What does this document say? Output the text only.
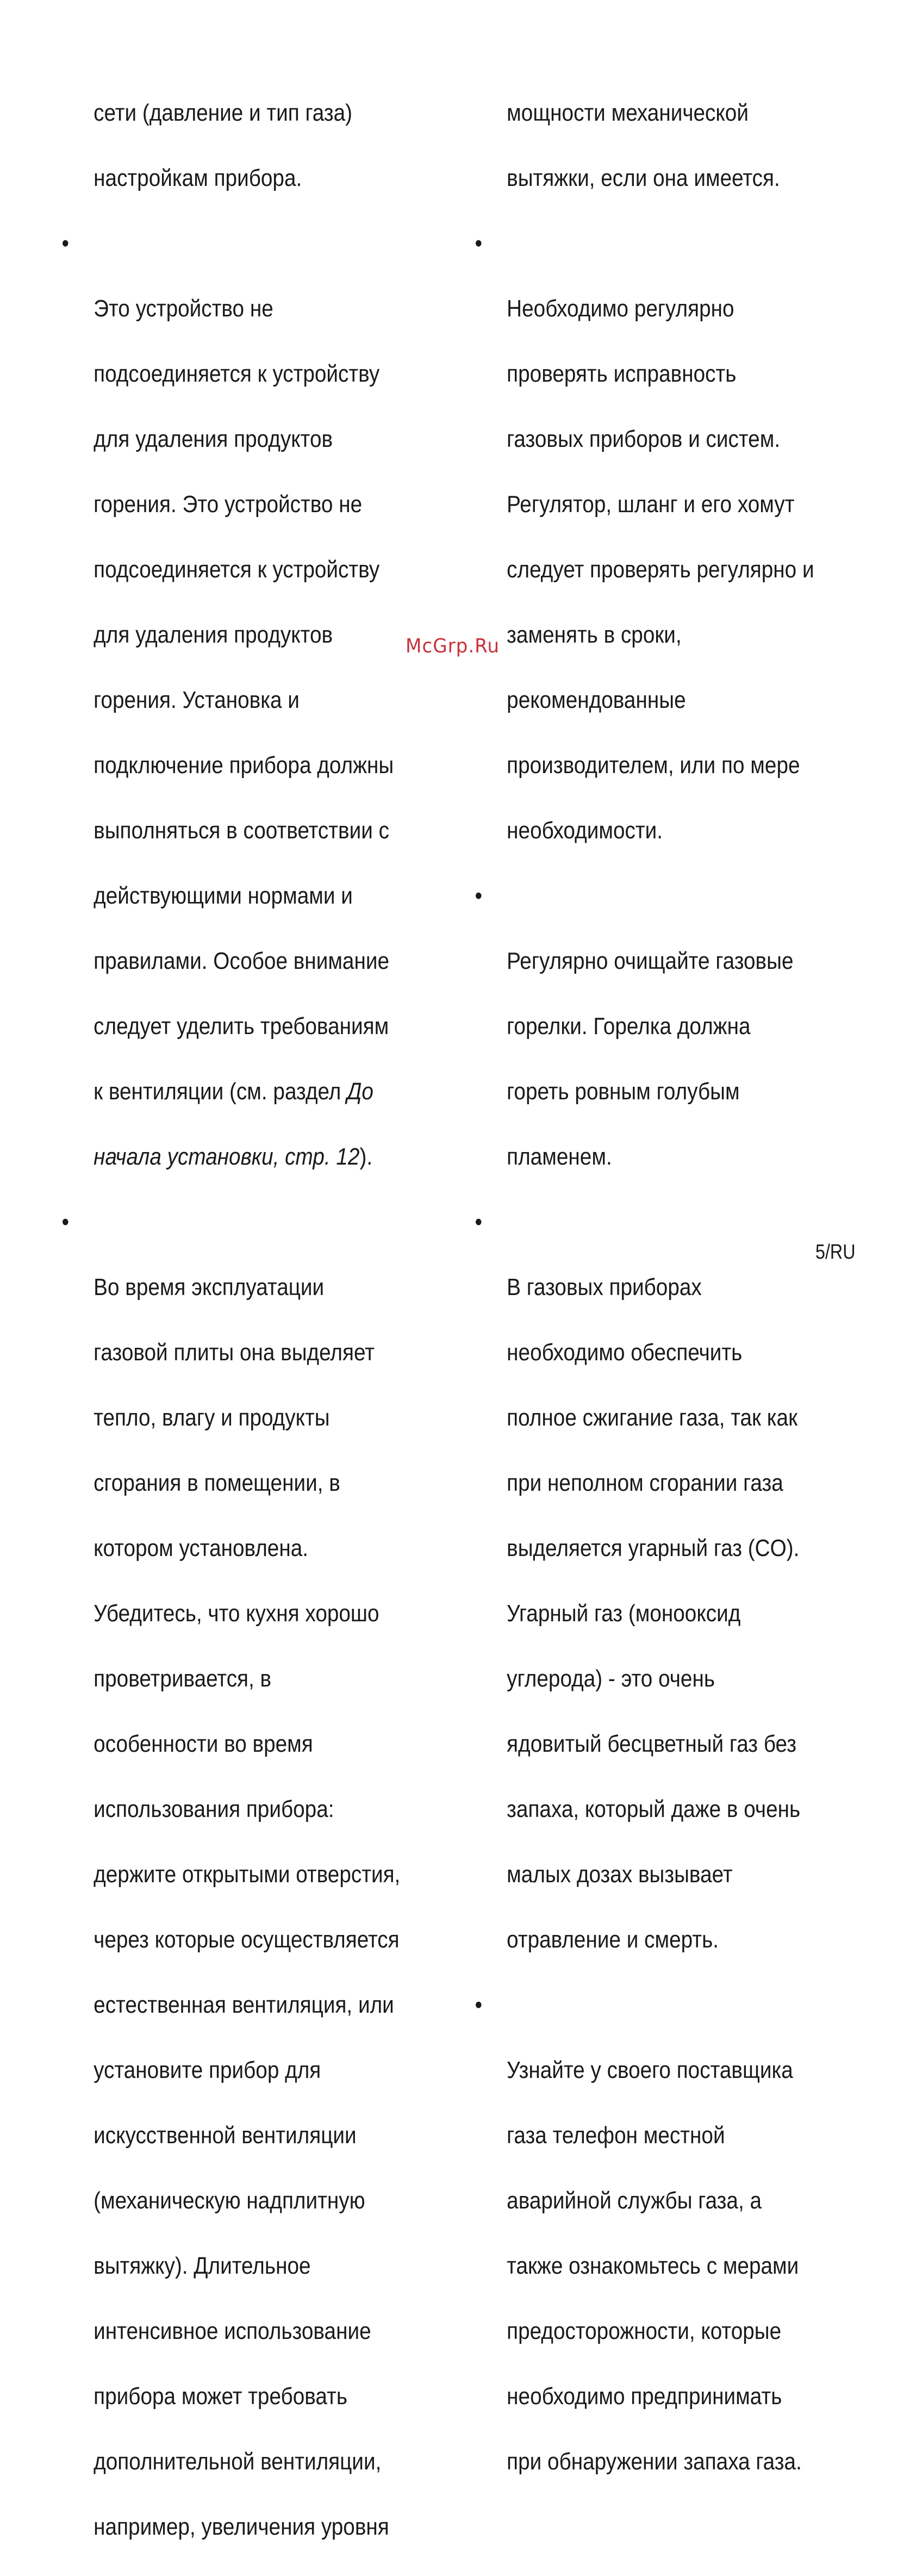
сети (давление и тип газа)

настройкам прибора.

•

Это устройство не

подсоединяется к устройству

для удаления продуктов

горения. Это устройство не

подсоединяется к устройству

для удаления продуктов

горения. Установка и

подключение прибора должны

выполняться в соответствии с

действующими нормами и

правилами. Особое внимание

следует уделить требованиям

к вентиляции (см. раздел До

начала установки, стр. 12).

•

Во время эксплуатации

газовой плиты она выделяет

тепло, влагу и продукты

сгорания в помещении, в

котором установлена.

Убедитесь, что кухня хорошо

проветривается, в

особенности во время

использования прибора:

держите открытыми отверстия,

через которые осуществляется

естественная вентиляция, или

установите прибор для

искусственной вентиляции

(механическую надплитную

вытяжку). Длительное

интенсивное использование

прибора может требовать

дополнительной вентиляции,

например, увеличения уровня

мощности механической

вытяжки, если она имеется.

•

Необходимо регулярно

проверять исправность

газовых приборов и систем.

Регулятор, шланг и его хомут

следует проверять регулярно и

заменять в сроки,

рекомендованные

производителем, или по мере

необходимости.

•

Регулярно очищайте газовые

горелки. Горелка должна

гореть ровным голубым

пламенем.

•

В газовых приборах

необходимо обеспечить

полное сжигание газа, так как

при неполном сгорании газа

выделяется угарный газ (CO).

Угарный газ (монооксид

углерода) - это очень

ядовитый бесцветный газ без

запаха, который даже в очень

малых дозах вызывает

отравление и смерть.

•

Узнайте у своего поставщика

газа телефон местной

аварийной службы газа, а

также ознакомьтесь с мерами

предосторожности, которые

необходимо предпринимать

при обнаружении запаха газа.

McGrp.Ru
5/RU
